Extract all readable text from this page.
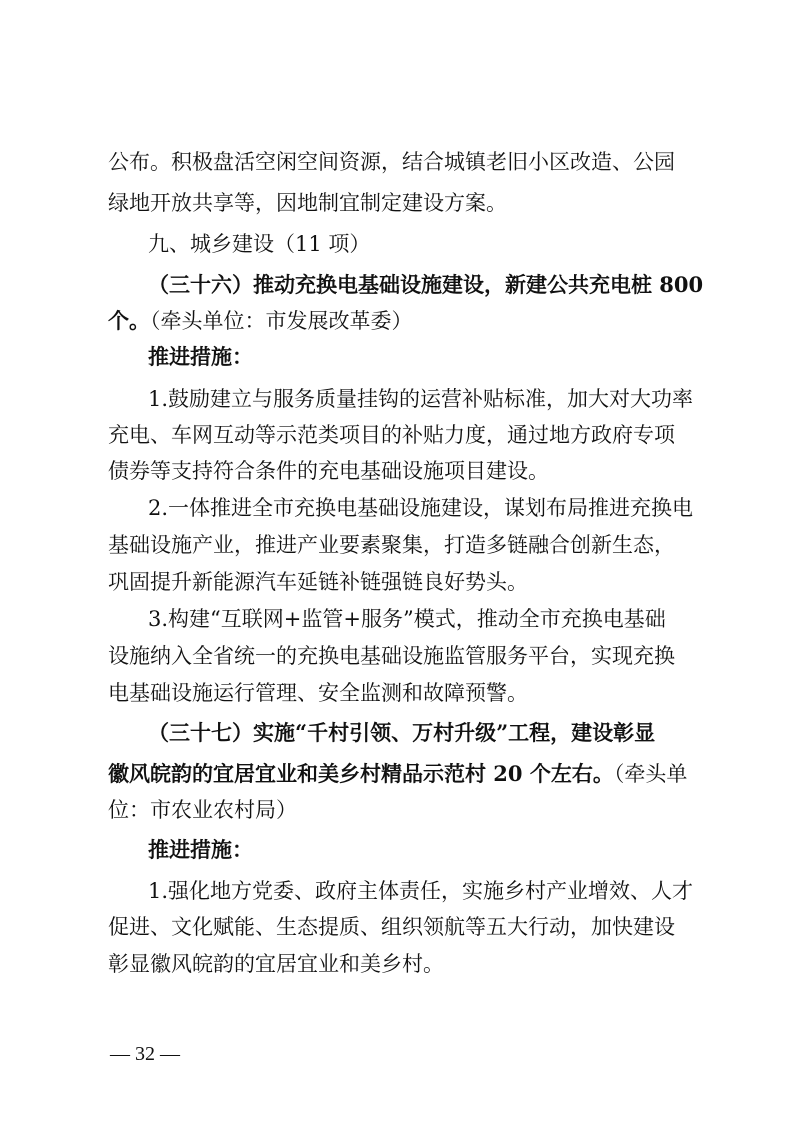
公布。积极盘活空闲空间资源，结合城镇老旧小区改造、公园
绿地开放共享等，因地制宜制定建设方案。
九、城乡建设（11 项）
（三十六）推动充换电基础设施建设，新建公共充电桩 800
个。（牵头单位：市发展改革委）
推进措施：
1.鼓励建立与服务质量挂钩的运营补贴标准，加大对大功率
充电、车网互动等示范类项目的补贴力度，通过地方政府专项
债券等支持符合条件的充电基础设施项目建设。
2.一体推进全市充换电基础设施建设，谋划布局推进充换电
基础设施产业，推进产业要素聚集，打造多链融合创新生态，
巩固提升新能源汽车延链补链强链良好势头。
3.构建“互联网+监管+服务”模式，推动全市充换电基础
设施纳入全省统一的充换电基础设施监管服务平台，实现充换
电基础设施运行管理、安全监测和故障预警。
（三十七）实施“千村引领、万村升级”工程，建设彰显
徽风皖韵的宜居宜业和美乡村精品示范村 20 个左右。（牵头单
位：市农业农村局）
推进措施：
1.强化地方党委、政府主体责任，实施乡村产业增效、人才
促进、文化赋能、生态提质、组织领航等五大行动，加快建设
彰显徽风皖韵的宜居宜业和美乡村。
— 32 —
